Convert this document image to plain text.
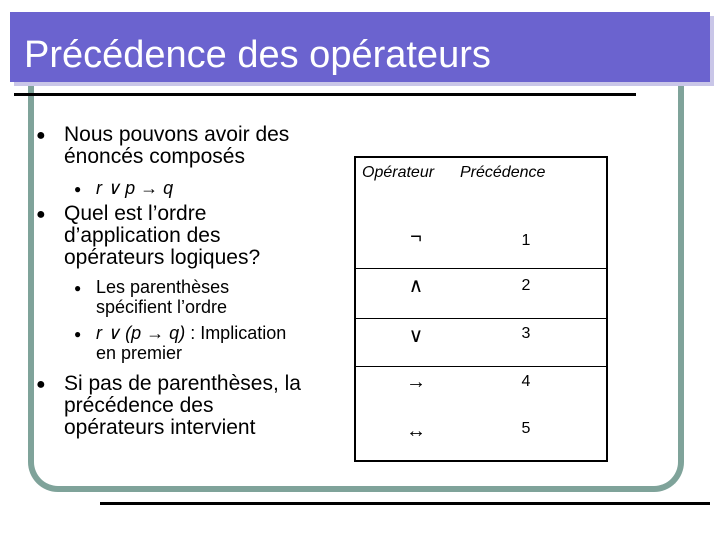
Précédence des opérateurs
● Nous pouvons avoir des
énoncés composés
● r ∨ p → q
● Quel est l’ordre
d’application des
opérateurs logiques?
● Les parenthèses
spécifient l’ordre
● r ∨ (p → q) : Implication
en premier
● Si pas de parenthèses, la
précédence des
opérateurs intervient
Opérateur Précédence
¬	1
∧	2
∨	3
→	4
↔	5
